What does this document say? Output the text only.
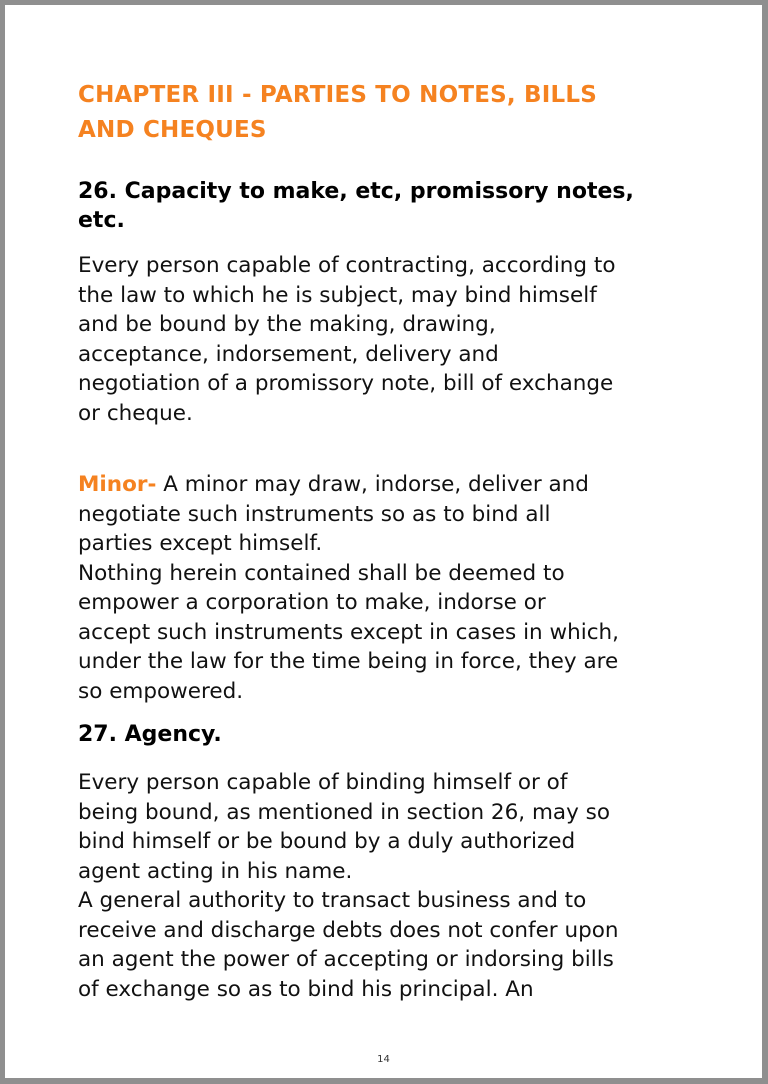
CHAPTER III - PARTIES TO NOTES, BILLS
AND CHEQUES
26. Capacity to make, etc, promissory notes,
etc.

Every person capable of contracting, according to
the law to which he is subject, may bind himself
and be bound by the making, drawing,
acceptance, indorsement, delivery and
negotiation of a promissory note, bill of exchange
or cheque.

Minor- A minor may draw, indorse, deliver and
negotiate such instruments so as to bind all
parties except himself.
Nothing herein contained shall be deemed to
empower a corporation to make, indorse or
accept such instruments except in cases in which,
under the law for the time being in force, they are
so empowered.

27. Agency.

Every person capable of binding himself or of
being bound, as mentioned in section 26, may so
bind himself or be bound by a duly authorized
agent acting in his name.
A general authority to transact business and to
receive and discharge debts does not confer upon
an agent the power of accepting or indorsing bills
of exchange so as to bind his principal. An

14
